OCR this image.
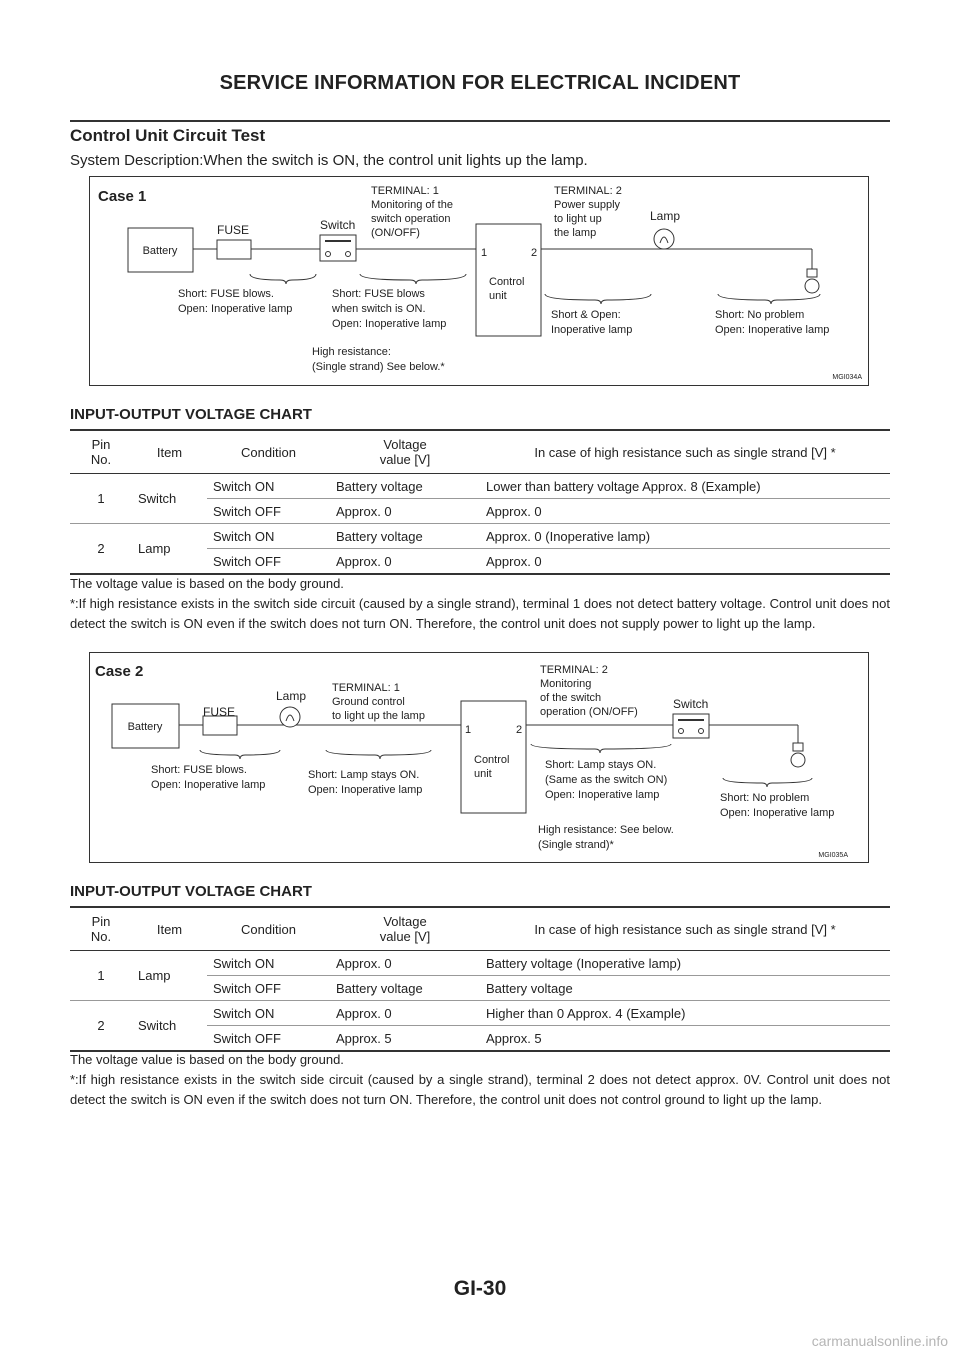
SERVICE INFORMATION FOR ELECTRICAL INCIDENT
Control Unit Circuit Test
System Description:When the switch is ON, the control unit lights up the lamp.
Case 1
Battery
FUSE	Switch
TERMINAL: 1 Monitoring of the switch operation (ON/OFF)
1	2
Control unit
TERMINAL: 2 Power supply to light up the lamp
Lamp
Short: FUSE blows. Open: Inoperative lamp
Short: FUSE blows when switch is ON. Open: Inoperative lamp
High resistance: (Single strand) See below.*
Short & Open: Inoperative lamp
Short: No problem Open: Inoperative lamp
MGI034A
INPUT-OUTPUT VOLTAGE CHART
Pin
No.	Item	Condition	Voltage
value [V]	In case of high resistance such as single strand [V] *
1	Switch	Switch ON	Battery voltage	Lower than battery voltage Approx. 8 (Example)
		Switch OFF	Approx. 0	Approx. 0
2	Lamp	Switch ON	Battery voltage	Approx. 0 (Inoperative lamp)
		Switch OFF	Approx. 0	Approx. 0

The voltage value is based on the body ground.

*:If high resistance exists in the switch side circuit (caused by a single strand), terminal 1 does not detect battery voltage. Control unit does not detect the switch is ON even if the switch does not turn ON. Therefore, the control unit does not supply power to light up the lamp.

Case 2
Battery
FUSE
Lamp
TERMINAL: 1 Ground control to light up the lamp
1	2
Control unit
TERMINAL: 2 Monitoring of the switch operation (ON/OFF)
Switch
Short: FUSE blows. Open: Inoperative lamp
Short: Lamp stays ON. Open: Inoperative lamp
Short: Lamp stays ON. (Same as the switch ON) Open: Inoperative lamp
High resistance: See below. (Single strand)*
Short: No problem Open: Inoperative lamp
MGI035A
INPUT-OUTPUT VOLTAGE CHART
Pin
No.	Item	Condition	Voltage
value [V]	In case of high resistance such as single strand [V] *
1	Lamp	Switch ON	Approx. 0	Battery voltage (Inoperative lamp)
		Switch OFF	Battery voltage	Battery voltage
2	Switch	Switch ON	Approx. 0	Higher than 0 Approx. 4 (Example)
		Switch OFF	Approx. 5	Approx. 5

The voltage value is based on the body ground.

*:If high resistance exists in the switch side circuit (caused by a single strand), terminal 2 does not detect approx. 0V. Control unit does not detect the switch is ON even if the switch does not turn ON. Therefore, the control unit does not control ground to light up the lamp.

GI-30
carmanualsonline.info
